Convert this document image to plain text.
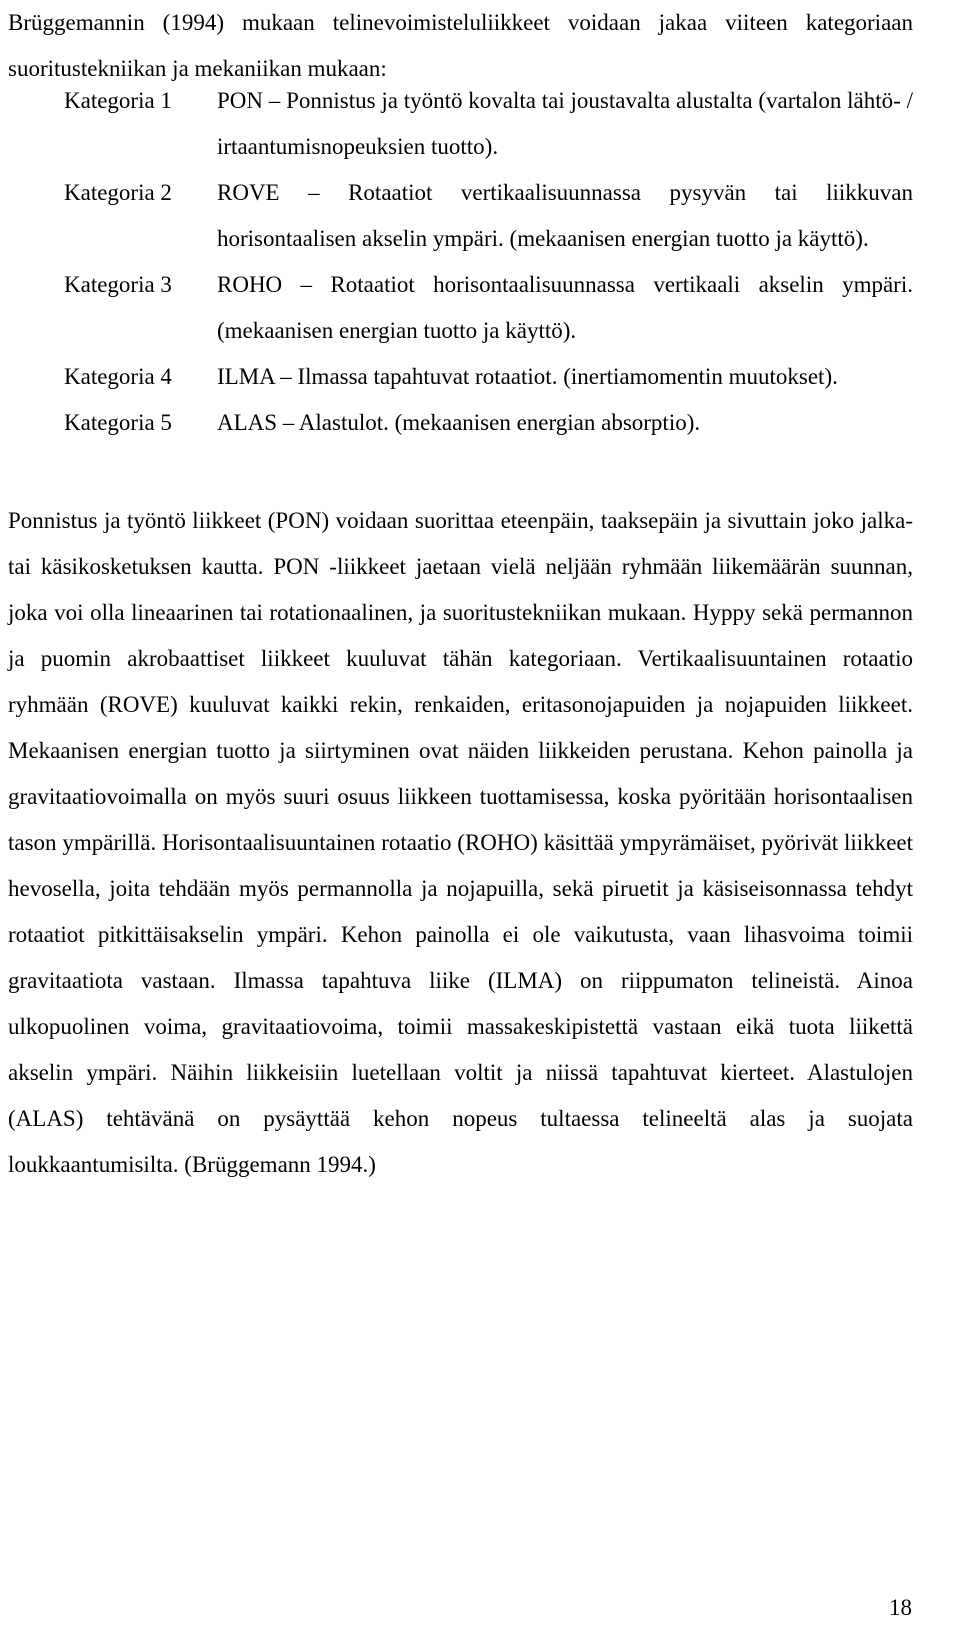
Brüggemannin (1994) mukaan telinevoimisteluliikkeet voidaan jakaa viiteen kategoriaan suoritustekniikan ja mekaniikan mukaan:

Kategoria 1 PON – Ponnistus ja työntö kovalta tai joustavalta alustalta (vartalon lähtö- / irtaantumisnopeuksien tuotto).
Kategoria 2 ROVE – Rotaatiot vertikaalisuunnassa pysyvän tai liikkuvan horisontaalisen akselin ympäri. (mekaanisen energian tuotto ja käyttö).
Kategoria 3 ROHO – Rotaatiot horisontaalisuunnassa vertikaali akselin ympäri. (mekaanisen energian tuotto ja käyttö).
Kategoria 4 ILMA – Ilmassa tapahtuvat rotaatiot. (inertiamomentin muutokset).
Kategoria 5 ALAS – Alastulot. (mekaanisen energian absorptio).

Ponnistus ja työntö liikkeet (PON) voidaan suorittaa eteenpäin, taaksepäin ja sivuttain joko jalka- tai käsikosketuksen kautta. PON -liikkeet jaetaan vielä neljään ryhmään liikemäärän suunnan, joka voi olla lineaarinen tai rotationaalinen, ja suoritustekniikan mukaan. Hyppy sekä permannon ja puomin akrobaattiset liikkeet kuuluvat tähän kategoriaan. Vertikaalisuuntainen rotaatio ryhmään (ROVE) kuuluvat kaikki rekin, renkaiden, eritasonojapuiden ja nojapuiden liikkeet. Mekaanisen energian tuotto ja siirtyminen ovat näiden liikkeiden perustana. Kehon painolla ja gravitaatiovoimalla on myös suuri osuus liikkeen tuottamisessa, koska pyöritään horisontaalisen tason ympärillä. Horisontaalisuuntainen rotaatio (ROHO) käsittää ympyrämäiset, pyörivät liikkeet hevosella, joita tehdään myös permannolla ja nojapuilla, sekä piruetit ja käsiseisonnassa tehdyt rotaatiot pitkittäisakselin ympäri. Kehon painolla ei ole vaikutusta, vaan lihasvoima toimii gravitaatiota vastaan. Ilmassa tapahtuva liike (ILMA) on riippumaton telineistä. Ainoa ulkopuolinen voima, gravitaatiovoima, toimii massakeskipistettä vastaan eikä tuota liikettä akselin ympäri. Näihin liikkeisiin luetellaan voltit ja niissä tapahtuvat kierteet. Alastulojen (ALAS) tehtävänä on pysäyttää kehon nopeus tultaessa telineeltä alas ja suojata loukkaantumisilta. (Brüggemann 1994.)

18
